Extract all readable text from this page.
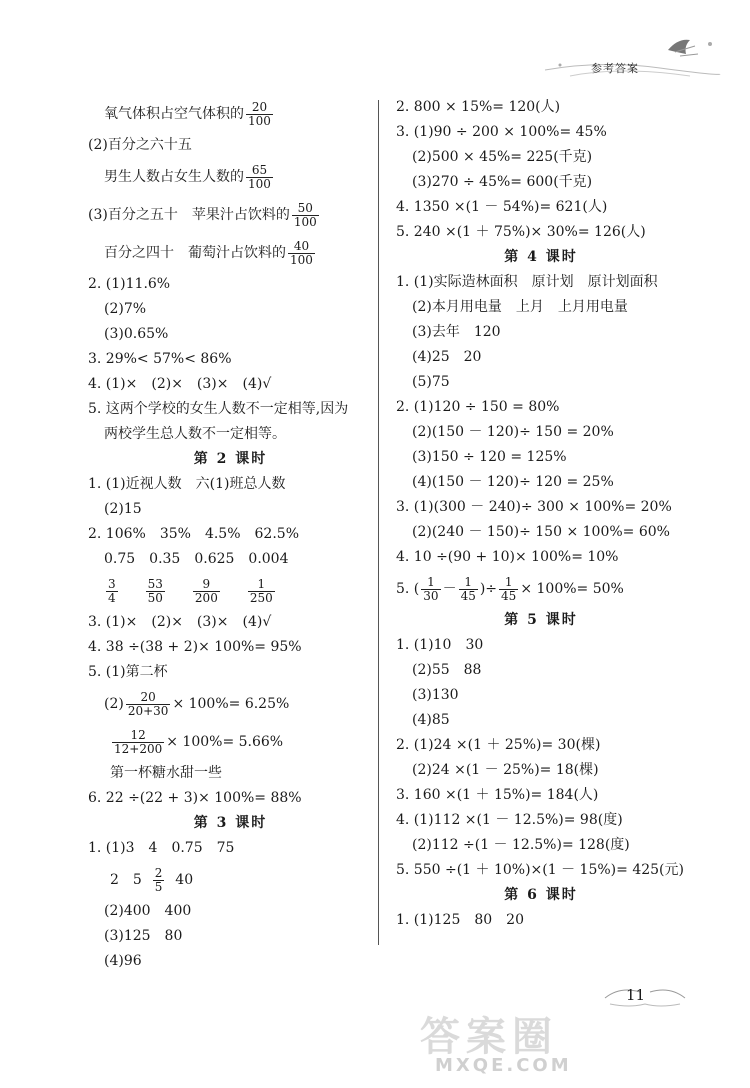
参考答案
氧气体积占空气体积的 $\frac{20}{100}$
(2)百分之六十五
男生人数占女生人数的 $\frac{65}{100}$
(3)百分之五十　苹果汁占饮料的 $\frac{50}{100}$
百分之四十　葡萄汁占饮料的 $\frac{40}{100}$
2. (1)11.6%
(2)7%
(3)0.65%
3. 29%< 57%< 86%
4. (1)×　(2)×　(3)×　(4)√
5. 这两个学校的女生人数不一定相等,因为
两校学生总人数不一定相等。
第 2 课时
1. (1)近视人数　六(1)班总人数
(2)15
2. 106%　35%　4.5%　62.5%
0.75　0.35　0.625　0.004
$\frac{3}{4} \frac{53}{50} \frac{9}{200} \frac{1}{250}$
3. (1)×　(2)×　(3)×　(4)√
4. 38 ÷(38 + 2)× 100%= 95%
5. (1)第二杯
$(2) \frac{20}{20+30} \times 100\%= 6.25\%$
$\frac{12}{12+200} \times 100\%= 5.66\%$
第一杯糖水甜一些
6. 22 ÷(22 + 3)× 100%= 88%
第 3 课时
1. (1)3　4　0.75　75
2　5
$\frac{2}{5}$
40
(2)400　400
(3)125　80
(4)96
2. 800 × 15%= 120(人)
3. (1)90 ÷ 200 × 100%= 45%
(2)500 × 45%= 225(千克)
(3)270 ÷ 45%= 600(千克)
4. 1350 ×(1 － 54%)= 621(人)
5. 240 ×(1 ＋ 75%)× 30%= 126(人)
第 4 课时
1. (1)实际造林面积　原计划　原计划面积
(2)本月用电量　上月　上月用电量
(3)去年　120
(4)25　20
(5)75
2. (1)120 ÷ 150 = 80%
(2)(150 － 120)÷ 150 = 20%
(3)150 ÷ 120 = 125%
(4)(150 － 120)÷ 120 = 25%
3. (1)(300 － 240)÷ 300 × 100%= 20%
(2)(240 － 150)÷ 150 × 100%= 60%
4. 10 ÷(90 + 10)× 100%= 10%
5. ( $\frac{1}{30} - \frac{1}{45}$ )÷ $\frac{1}{45} \times 100\%= 50\%$
第 5 课时
1. (1)10　30
(2)55　88
(3)130
(4)85
2. (1)24 ×(1 ＋ 25%)= 30(棵)
(2)24 ×(1 － 25%)= 18(棵)
3. 160 ×(1 ＋ 15%)= 184(人)
4. (1)112 ×(1 － 12.5%)= 98(度)
(2)112 ÷(1 － 12.5%)= 128(度)
5. 550 ÷(1 ＋ 10%)×(1 － 15%)= 425(元)
第 6 课时
1. (1)125　80　20
11
答案圈
MXQE.COM
